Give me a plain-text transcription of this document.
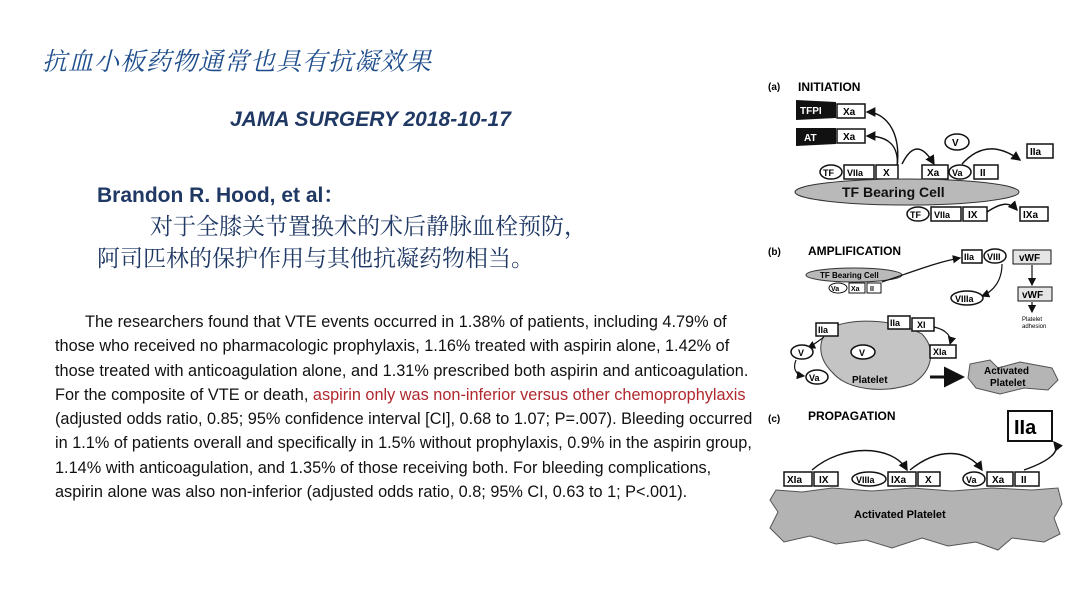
抗血小板药物通常也具有抗凝效果
JAMA SURGERY 2018-10-17
Brandon R. Hood, et al：
对于全膝关节置换术的术后静脉血栓预防，
阿司匹林的保护作用与其他抗凝药物相当。
The researchers found that VTE events occurred in 1.38% of patients, including 4.79% of those who received no pharmacologic prophylaxis, 1.16% treated with aspirin alone, 1.42% of those treated with anticoagulation alone, and 1.31% prescribed both aspirin and anticoagulation. For the composite of VTE or death, aspirin only was non-inferior versus other chemoprophylaxis (adjusted odds ratio, 0.85; 95% confidence interval [CI], 0.68 to 1.07; P=.007). Bleeding occurred in 1.1% of patients overall and specifically in 1.5% without prophylaxis, 0.9% in the aspirin group, 1.14% with anticoagulation, and 1.35% of those receiving both. For bleeding complications, aspirin alone was also non-inferior (adjusted odds ratio, 0.8; 95% CI, 0.63 to 1; P<.001).
(a) INITIATION
TFPI Xa
AT	Xa
V
IIa
TF VIIa X	Xa Va II
TF Bearing Cell
TF VIIa IX	IXa
(b) AMPLIFICATION	IIa VIII vWF
TF Bearing Cell
Va Xa II
VIIIa	vWF
Platelet
adhesion
Platelet
IIa XI
XIa
IIa
V	V
Va
Activated
Platelet
(c) PROPAGATION
IIa
XIa IX	VIIIa IXa X	Va Xa II
Activated Platelet
